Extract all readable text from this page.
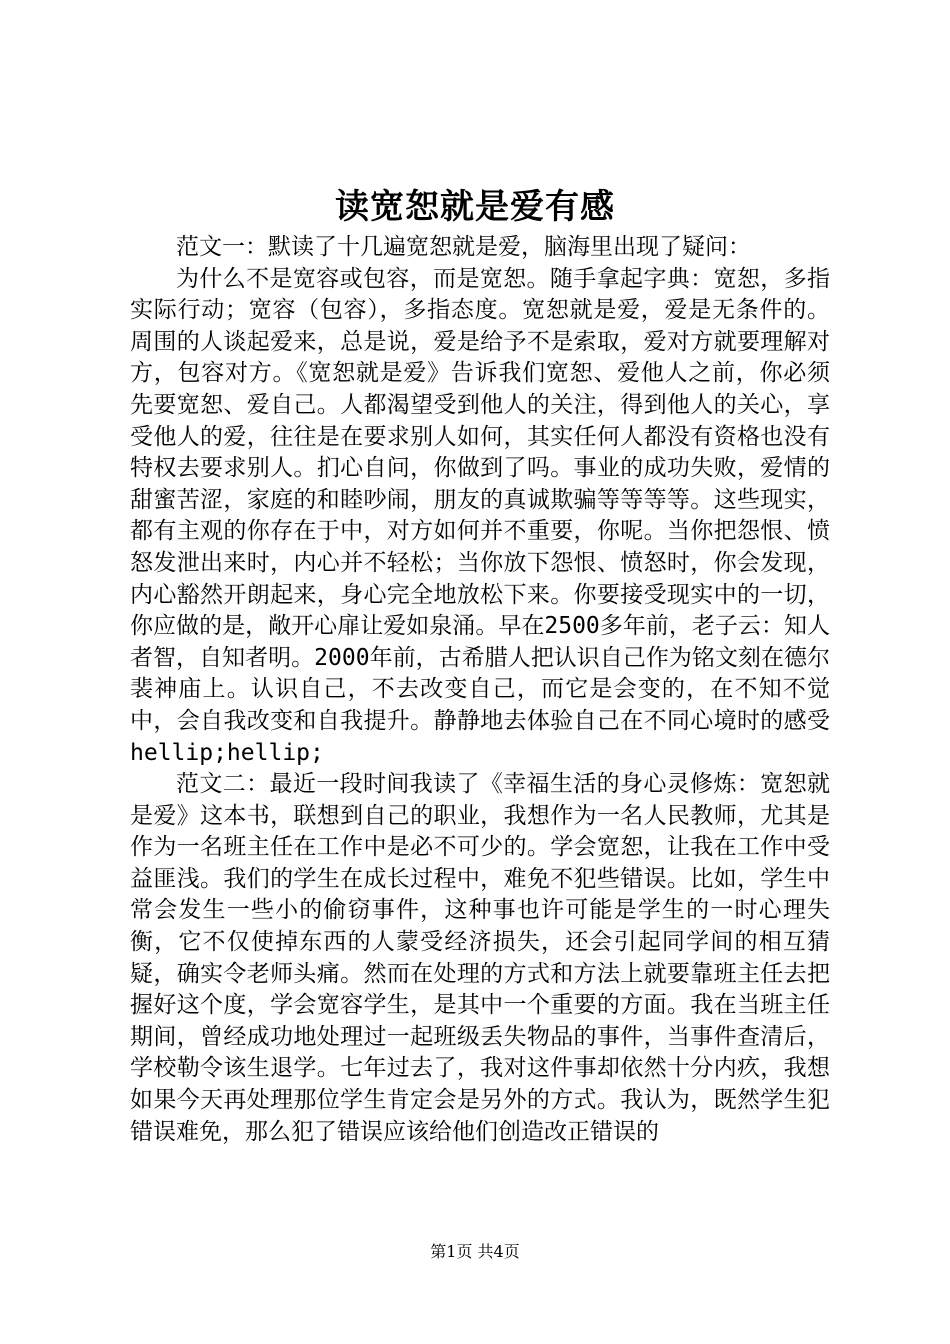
读宽恕就是爱有感

范文一：默读了十几遍宽恕就是爱，脑海里出现了疑问：

为什么不是宽容或包容，而是宽恕。随手拿起字典：宽恕，多指实际行动；宽容（包容），多指态度。宽恕就是爱，爱是无条件的。周围的人谈起爱来，总是说，爱是给予不是索取，爱对方就要理解对方，包容对方。《宽恕就是爱》告诉我们宽恕、爱他人之前，你必须先要宽恕、爱自己。人都渴望受到他人的关注，得到他人的关心，享受他人的爱，往往是在要求别人如何，其实任何人都没有资格也没有特权去要求别人。扪心自问，你做到了吗。事业的成功失败，爱情的甜蜜苦涩，家庭的和睦吵闹，朋友的真诚欺骗等等等等。这些现实，都有主观的你存在于中，对方如何并不重要，你呢。当你把怨恨、愤怒发泄出来时，内心并不轻松；当你放下怨恨、愤怒时，你会发现，内心豁然开朗起来，身心完全地放松下来。你要接受现实中的一切，你应做的是，敞开心扉让爱如泉涌。早在2500多年前，老子云：知人者智，自知者明。2000年前，古希腊人把认识自己作为铭文刻在德尔裴神庙上。认识自己，不去改变自己，而它是会变的，在不知不觉中，会自我改变和自我提升。静静地去体验自己在不同心境时的感受hellip;hellip;

范文二：最近一段时间我读了《幸福生活的身心灵修炼：宽恕就是爱》这本书，联想到自己的职业，我想作为一名人民教师，尤其是作为一名班主任在工作中是必不可少的。学会宽恕，让我在工作中受益匪浅。我们的学生在成长过程中，难免不犯些错误。比如，学生中常会发生一些小的偷窃事件，这种事也许可能是学生的一时心理失衡，它不仅使掉东西的人蒙受经济损失，还会引起同学间的相互猜疑，确实令老师头痛。然而在处理的方式和方法上就要靠班主任去把握好这个度，学会宽容学生，是其中一个重要的方面。我在当班主任期间，曾经成功地处理过一起班级丢失物品的事件，当事件查清后，学校勒令该生退学。七年过去了，我对这件事却依然十分内疚，我想如果今天再处理那位学生肯定会是另外的方式。我认为，既然学生犯错误难免，那么犯了错误应该给他们创造改正错误的

第1页 共4页
